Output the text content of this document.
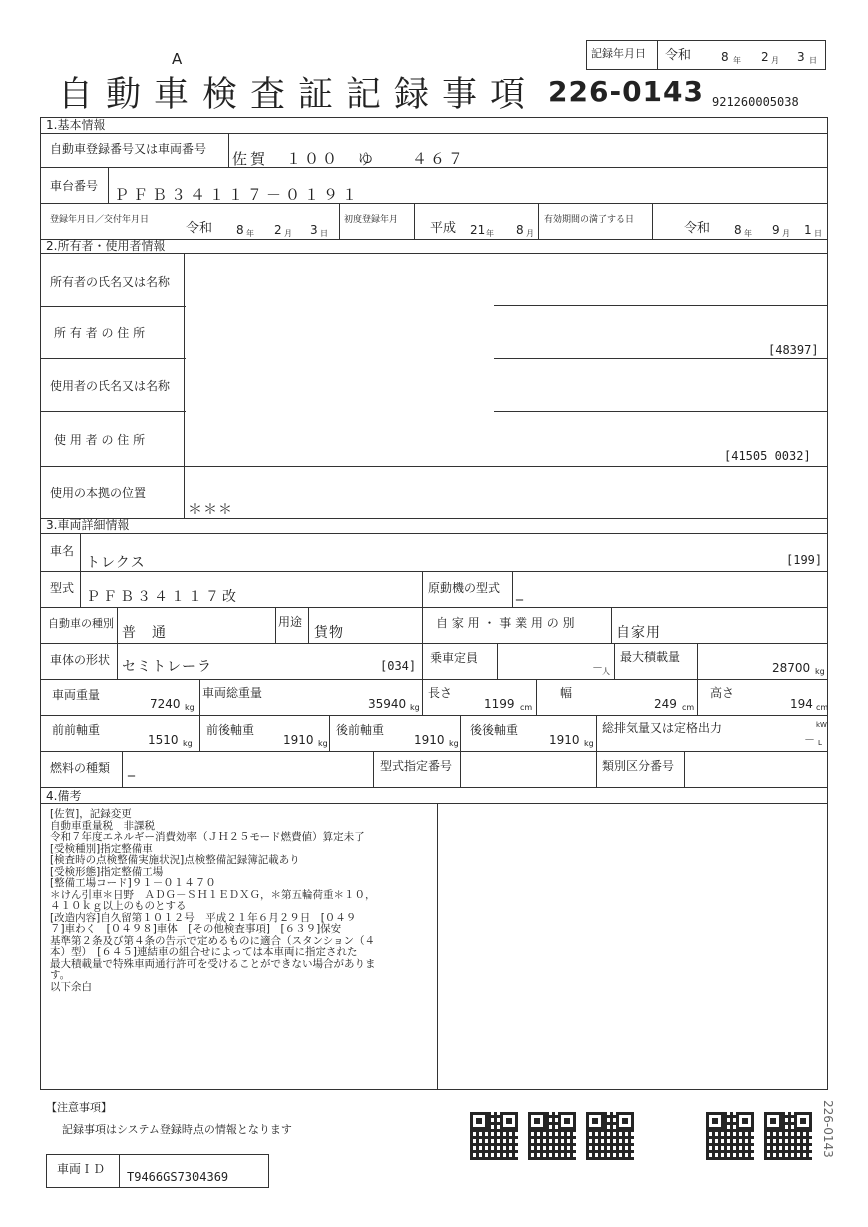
A	記録年月日 令和 8 年 2 月 3 日
自動車検査証記録事項 226-0143 921260005038
1.基本情報
自動車登録番号又は車両番号
佐賀　１００　ゆ　　４６７
車台番号 ＰＦＢ３４１１７－０１９１
登録年月日／交付年月日
令和 8 年 2 月 3 日
初度登録年月
平成 21 年 8 月
有効期間の満了する日
令和 8 年 9 月 1 日
2.所有者・使用者情報
所有者の氏名又は名称
所 有 者 の 住 所
[48397]
使用者の氏名又は名称
使 用 者 の 住 所
[41505 0032]
使用の本拠の位置
＊＊＊
3.車両詳細情報
車名
トレクス	[199]
型式
ＰＦＢ３４１１７改
原動機の型式 _
自動車の種別
普　通
用途
貨物
自 家 用 ・ 事 業 用 の 別
自家用
車体の形状 セミトレーラ	[034]
乗車定員
－ 人
最大積載量
28700 kg
車両重量
7240 kg
車両総重量
35940 kg
長さ
1199 cm
幅
249 cm
高さ
194 cm
前前軸重
1510 kg
前後軸重
1910 kg
後前軸重
1910 kg
後後軸重
1910 kg
総排気量又は定格出力
－
kW
L
燃料の種類 _	型式指定番号	類別区分番号
4.備考
[佐賀]，記録変更
自動車重量税　非課税
令和７年度エネルギー消費効率（ＪＨ２５モード燃費値）算定未了
[受検種別]指定整備車
[検査時の点検整備実施状況]点検整備記録簿記載あり
[受検形態]指定整備工場
[整備工場コード]９１－０１４７０
＊けん引車＊日野　ＡＤＧ－ＳＨ１ＥＤＸＧ，＊第五輪荷重＊１０，
４１０ｋｇ以上のものとする
[改造内容]自久留第１０１２号　平成２１年６月２９日　[０４９
７]車わく　[０４９８]車体　[その他検査事項]　[６３９]保安
基準第２条及び第４条の告示で定めるものに適合（スタンション（４
本）型）　[６４５]連結車の組合せによっては本車両に指定された
最大積載量で特殊車両通行許可を受けることができない場合がありま
す。
以下余白
【注意事項】
記録事項はシステム登録時点の情報となります
車両ＩＤ
T9466GS7304369
226-0143
